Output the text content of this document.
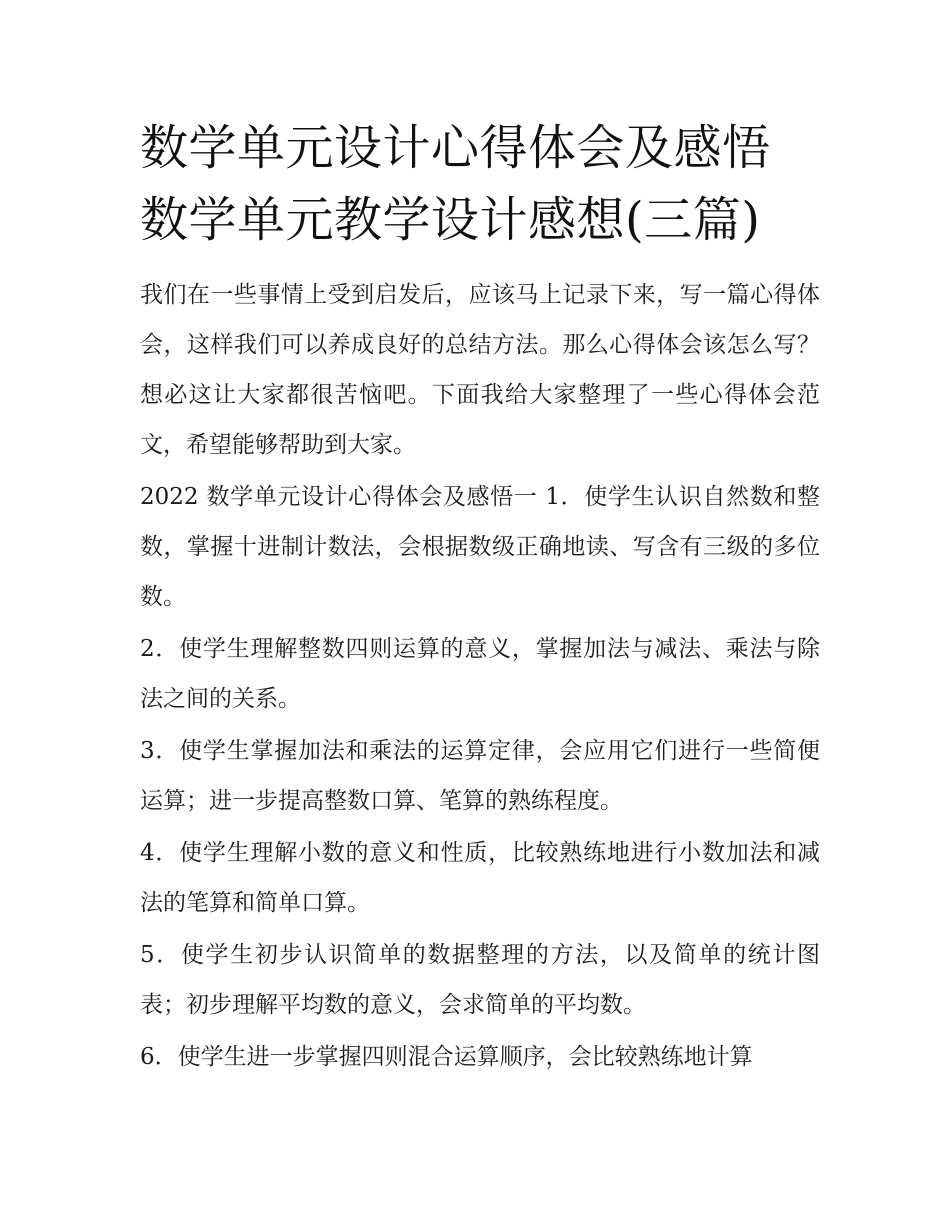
数学单元设计心得体会及感悟
数学单元教学设计感想(三篇)

我们在一些事情上受到启发后，应该马上记录下来，写一篇心得体会，这样我们可以养成良好的总结方法。那么心得体会该怎么写？想必这让大家都很苦恼吧。下面我给大家整理了一些心得体会范文，希望能够帮助到大家。

2022 数学单元设计心得体会及感悟一 1．使学生认识自然数和整数，掌握十进制计数法，会根据数级正确地读、写含有三级的多位数。

2．使学生理解整数四则运算的意义，掌握加法与减法、乘法与除法之间的关系。

3．使学生掌握加法和乘法的运算定律，会应用它们进行一些简便运算；进一步提高整数口算、笔算的熟练程度。

4．使学生理解小数的意义和性质，比较熟练地进行小数加法和减法的笔算和简单口算。

5．使学生初步认识简单的数据整理的方法，以及简单的统计图表；初步理解平均数的意义，会求简单的平均数。

6．使学生进一步掌握四则混合运算顺序，会比较熟练地计算
